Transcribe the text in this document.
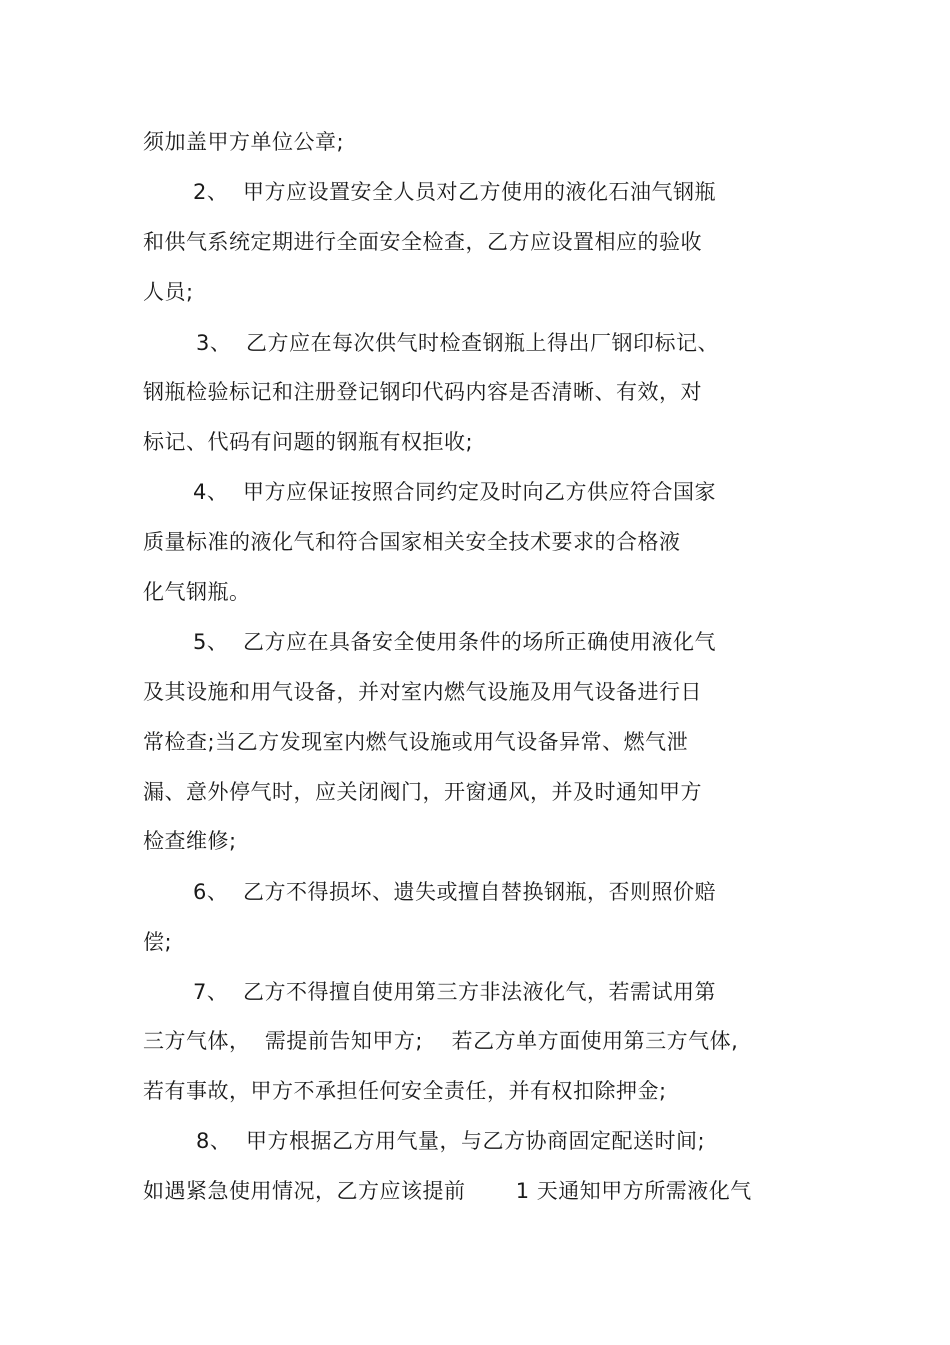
须加盖甲方单位公章;
2、 甲方应设置安全人员对乙方使用的液化石油气钢瓶
和供气系统定期进行全面安全检查，乙方应设置相应的验收
人员;
3、 乙方应在每次供气时检查钢瓶上得出厂钢印标记、
钢瓶检验标记和注册登记钢印代码内容是否清晰、有效，对
标记、代码有问题的钢瓶有权拒收;
4、 甲方应保证按照合同约定及时向乙方供应符合国家
质量标准的液化气和符合国家相关安全技术要求的合格液
化气钢瓶。
5、 乙方应在具备安全使用条件的场所正确使用液化气
及其设施和用气设备，并对室内燃气设施及用气设备进行日
常检查;当乙方发现室内燃气设施或用气设备异常、燃气泄
漏、意外停气时，应关闭阀门，开窗通风，并及时通知甲方
检查维修;
6、 乙方不得损坏、遗失或擅自替换钢瓶，否则照价赔
偿;
7、 乙方不得擅自使用第三方非法液化气，若需试用第
三方气体，  需提前告知甲方;    若乙方单方面使用第三方气体,
若有事故，甲方不承担任何安全责任，并有权扣除押金;
8、 甲方根据乙方用气量，与乙方协商固定配送时间;
如遇紧急使用情况，乙方应该提前       1 天通知甲方所需液化气
